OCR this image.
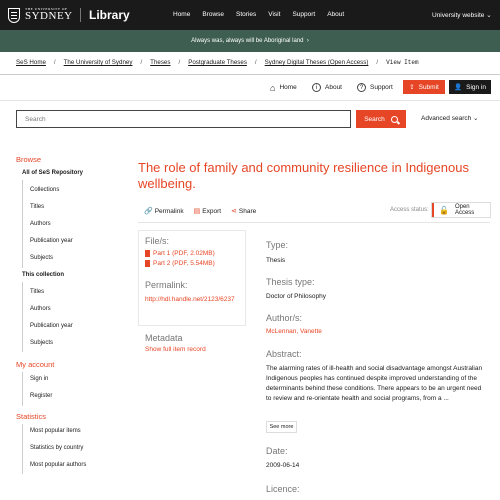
THE UNIVERSITY OF
SYDNEY Library	Home Browse Stories Visit Support About	University website ⌄
Always was, always will be Aboriginal land  ›
SeS Home / The University of Sydney / Theses / Postgraduate Theses / Sydney Digital Theses (Open Access) / View Item
⌂ Home	i	About	?	Support	⇪ Submit 👤 Sign in
Search	Search	Advanced search ⌄
Browse
All of SeS Repository
Collections
Titles
Authors
Publication year
Subjects
This collection
Titles
Authors
Publication year
Subjects
My account
Sign in
Register
Statistics
Most popular items
Statistics by country
Most popular authors
The role of family and community resilience in Indigenous wellbeing.
🔗 Permalink ▤ Export ⋖ Share	Access status: 🔓 Open Access
File/s:
Part 1 (PDF, 2.02MB)
Part 2 (PDF, 5.54MB)
Permalink:
http://hdl.handle.net/2123/6237
Metadata
Show full item record
Type:
Thesis
Thesis type:
Doctor of Philosophy
Author/s:
McLennan, Vanette
Abstract:
The alarming rates of ill-health and social disadvantage amongst Australian Indigenous peoples has continued despite improved understanding of the determinants behind these conditions. There appears to be an urgent need to review and re-orientate health and social programs, from a ...
See more
Date:
2009-06-14
Licence:
